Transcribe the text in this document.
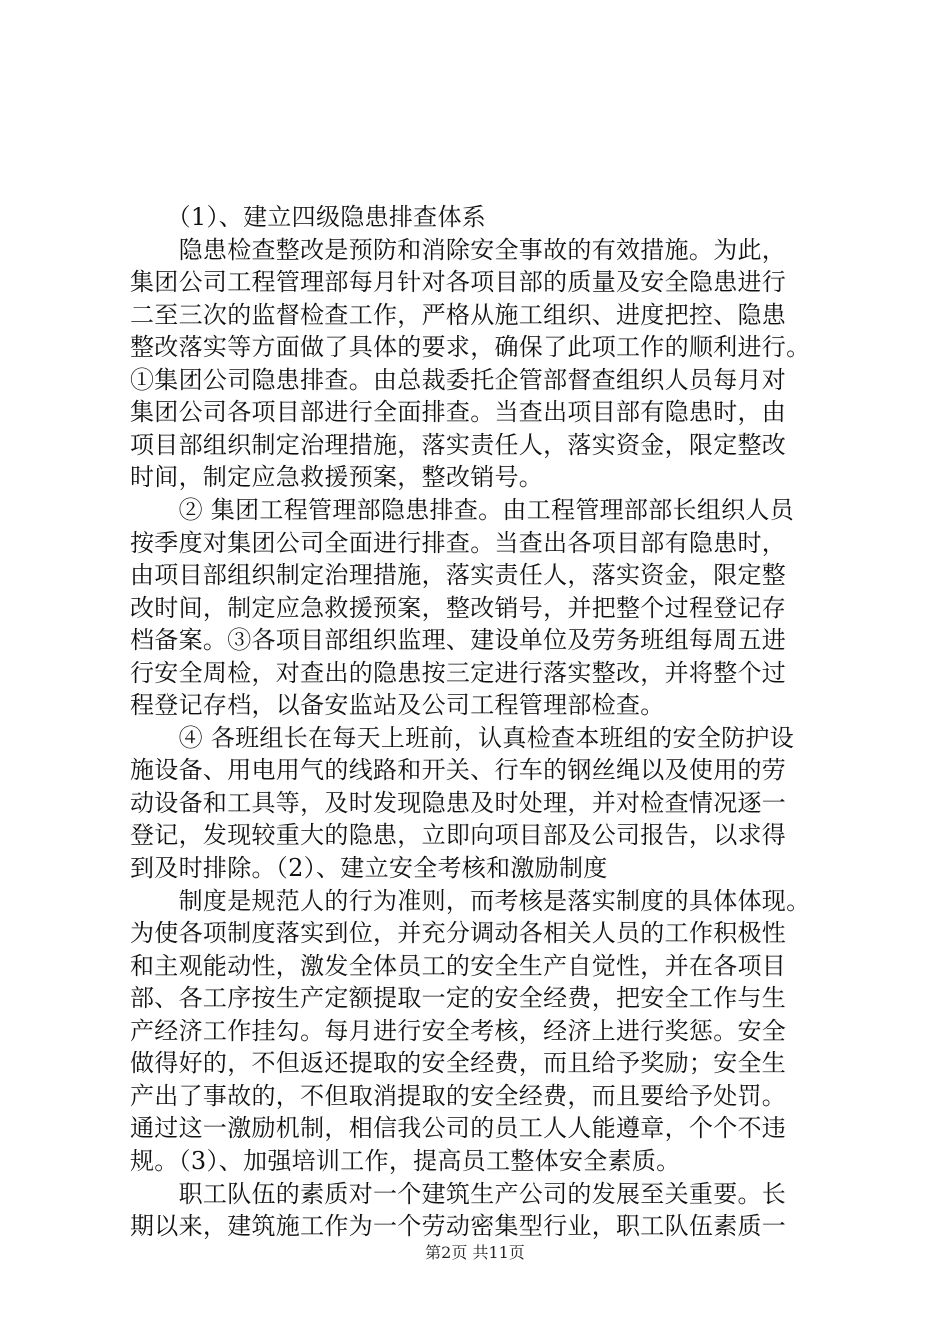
　　（1）、建立四级隐患排查体系
　　隐患检查整改是预防和消除安全事故的有效措施。为此，
集团公司工程管理部每月针对各项目部的质量及安全隐患进行
二至三次的监督检查工作，严格从施工组织、进度把控、隐患
整改落实等方面做了具体的要求，确保了此项工作的顺利进行。
①集团公司隐患排查。由总裁委托企管部督查组织人员每月对
集团公司各项目部进行全面排查。当查出项目部有隐患时，由
项目部组织制定治理措施，落实责任人，落实资金，限定整改
时间，制定应急救援预案，整改销号。
　　② 集团工程管理部隐患排查。由工程管理部部长组织人员
按季度对集团公司全面进行排查。当查出各项目部有隐患时，
由项目部组织制定治理措施，落实责任人，落实资金，限定整
改时间，制定应急救援预案，整改销号，并把整个过程登记存
档备案。③各项目部组织监理、建设单位及劳务班组每周五进
行安全周检，对查出的隐患按三定进行落实整改，并将整个过
程登记存档，以备安监站及公司工程管理部检查。
　　④ 各班组长在每天上班前，认真检查本班组的安全防护设
施设备、用电用气的线路和开关、行车的钢丝绳以及使用的劳
动设备和工具等，及时发现隐患及时处理，并对检查情况逐一
登记，发现较重大的隐患，立即向项目部及公司报告，以求得
到及时排除。（2）、建立安全考核和激励制度
　　制度是规范人的行为准则，而考核是落实制度的具体体现。
为使各项制度落实到位，并充分调动各相关人员的工作积极性
和主观能动性，激发全体员工的安全生产自觉性，并在各项目
部、各工序按生产定额提取一定的安全经费，把安全工作与生
产经济工作挂勾。每月进行安全考核，经济上进行奖惩。安全
做得好的，不但返还提取的安全经费，而且给予奖励；安全生
产出了事故的，不但取消提取的安全经费，而且要给予处罚。
通过这一激励机制，相信我公司的员工人人能遵章，个个不违
规。（3）、加强培训工作，提高员工整体安全素质。
　　职工队伍的素质对一个建筑生产公司的发展至关重要。长
期以来，建筑施工作为一个劳动密集型行业，职工队伍素质一
第2页 共11页
